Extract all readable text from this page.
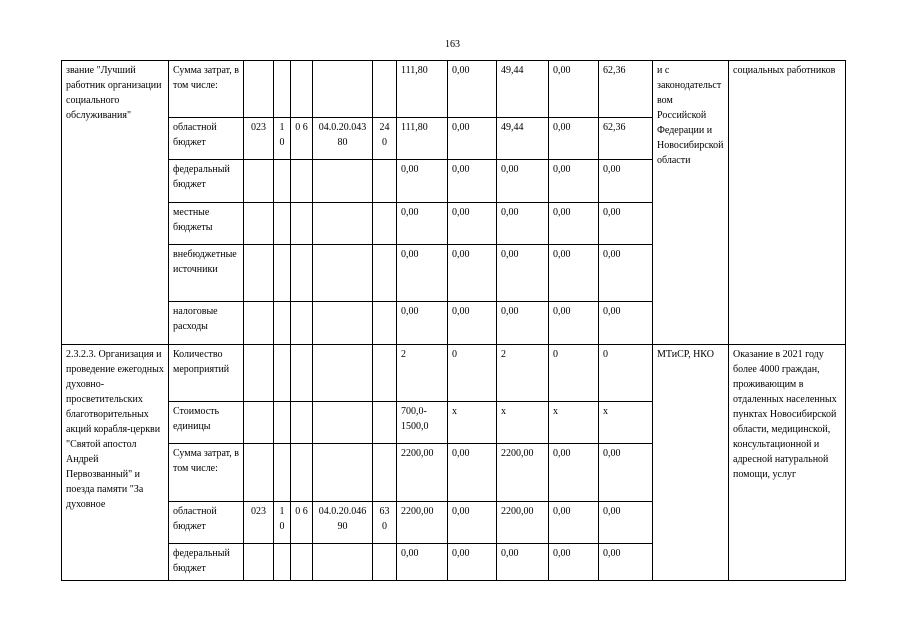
163
звание "Лучший работник организации социального обслуживания"	Сумма затрат, в том числе:						111,80	0,00	49,44	0,00	62,36	и с законодательством Российской Федерации и Новосибирской области	социальных работников
	областной бюджет	023	1 0	0 6	04.0.20.04380	24 0	111,80	0,00	49,44	0,00	62,36		
	федеральный бюджет						0,00	0,00	0,00	0,00	0,00		
	местные бюджеты						0,00	0,00	0,00	0,00	0,00		
	внебюджетные источники						0,00	0,00	0,00	0,00	0,00		
	налоговые расходы						0,00	0,00	0,00	0,00	0,00		
2.3.2.3. Организация и проведение ежегодных духовно-просветительских благотворительных акций корабля-церкви "Святой апостол Андрей Первозванный" и поезда памяти "За духовное	Количество мероприятий						2	0	2	0	0	МТиСР, НКО	Оказание в 2021 году более 4000 граждан, проживающим в отдаленных населенных пунктах Новосибирской области, медицинской, консультационной и адресной натуральной помощи, услуг
	Стоимость единицы						700,0-1500,0	x	x	x	x		
	Сумма затрат, в том числе:						2200,00	0,00	2200,00	0,00	0,00		
	областной бюджет	023	1 0	0 6	04.0.20.04690	63 0	2200,00	0,00	2200,00	0,00	0,00		
	федеральный бюджет						0,00	0,00	0,00	0,00	0,00		
